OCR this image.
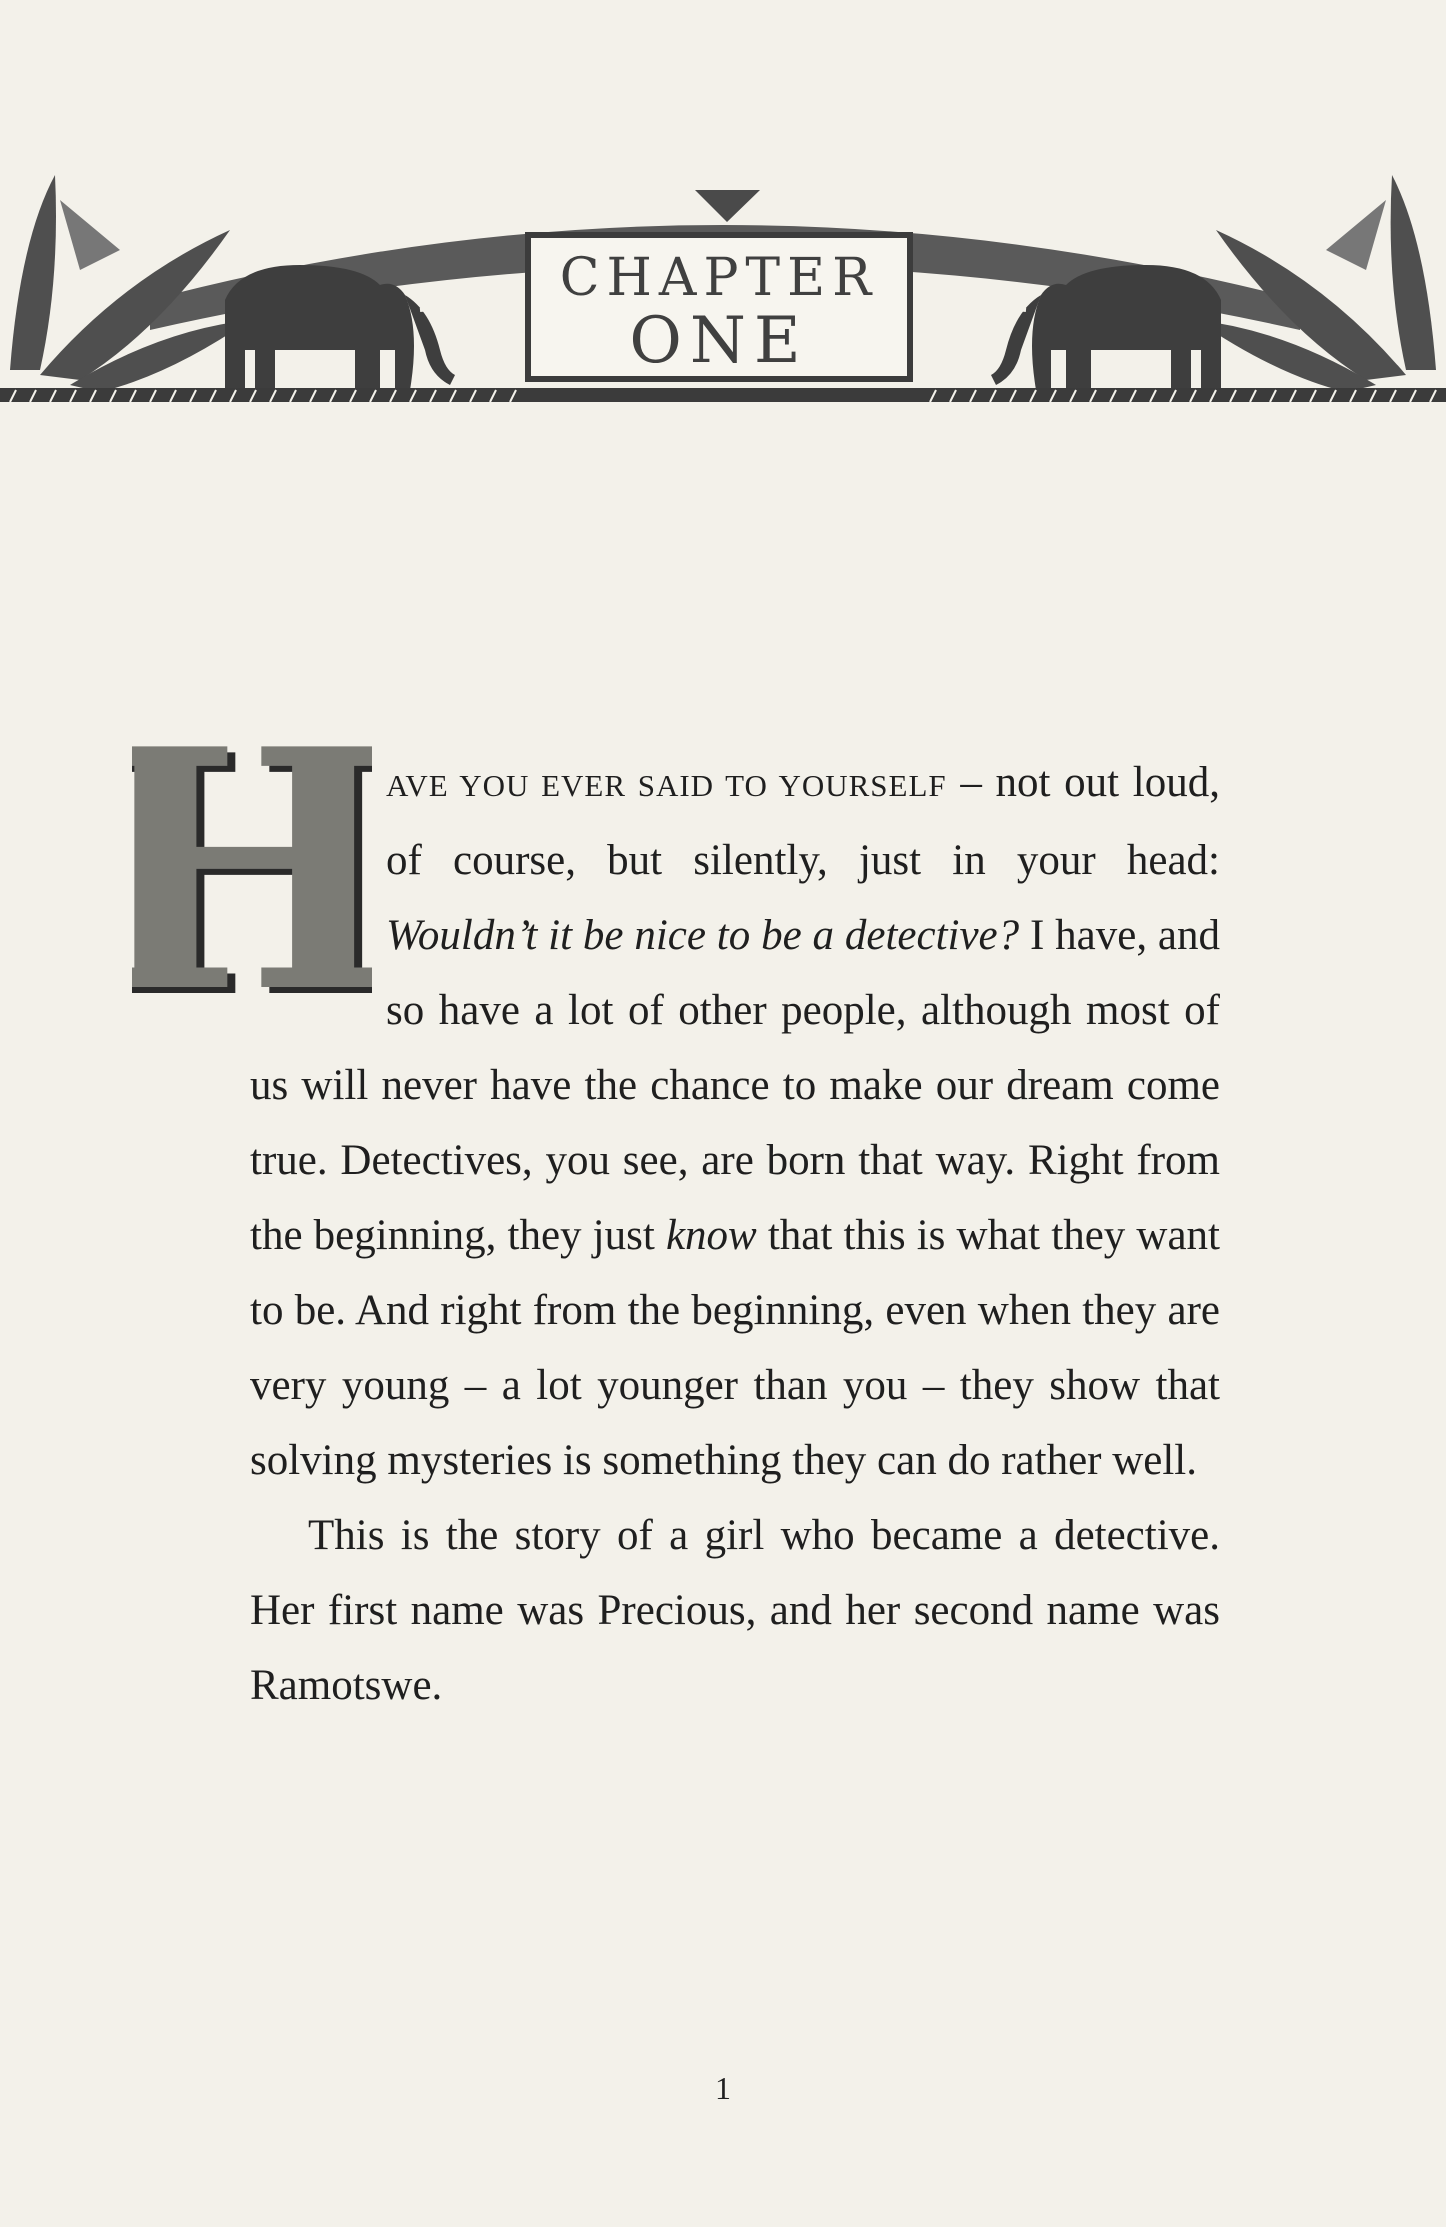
CHAPTER
ONE

H
H
AVE YOU EVER SAID TO YOURSELF – not out loud, of course, but silently, just in your head: Wouldn’t it be nice to be a detective? I have, and so have a lot of other people, although most of us will never have the chance to make our dream come true. Detectives, you see, are born that way. Right from the beginning, they just know that this is what they want to be. And right from the beginning, even when they are very young – a lot younger than you – they show that solving mysteries is something they can do rather well.

This is the story of a girl who became a detective. Her first name was Precious, and her second name was Ramotswe.

1
